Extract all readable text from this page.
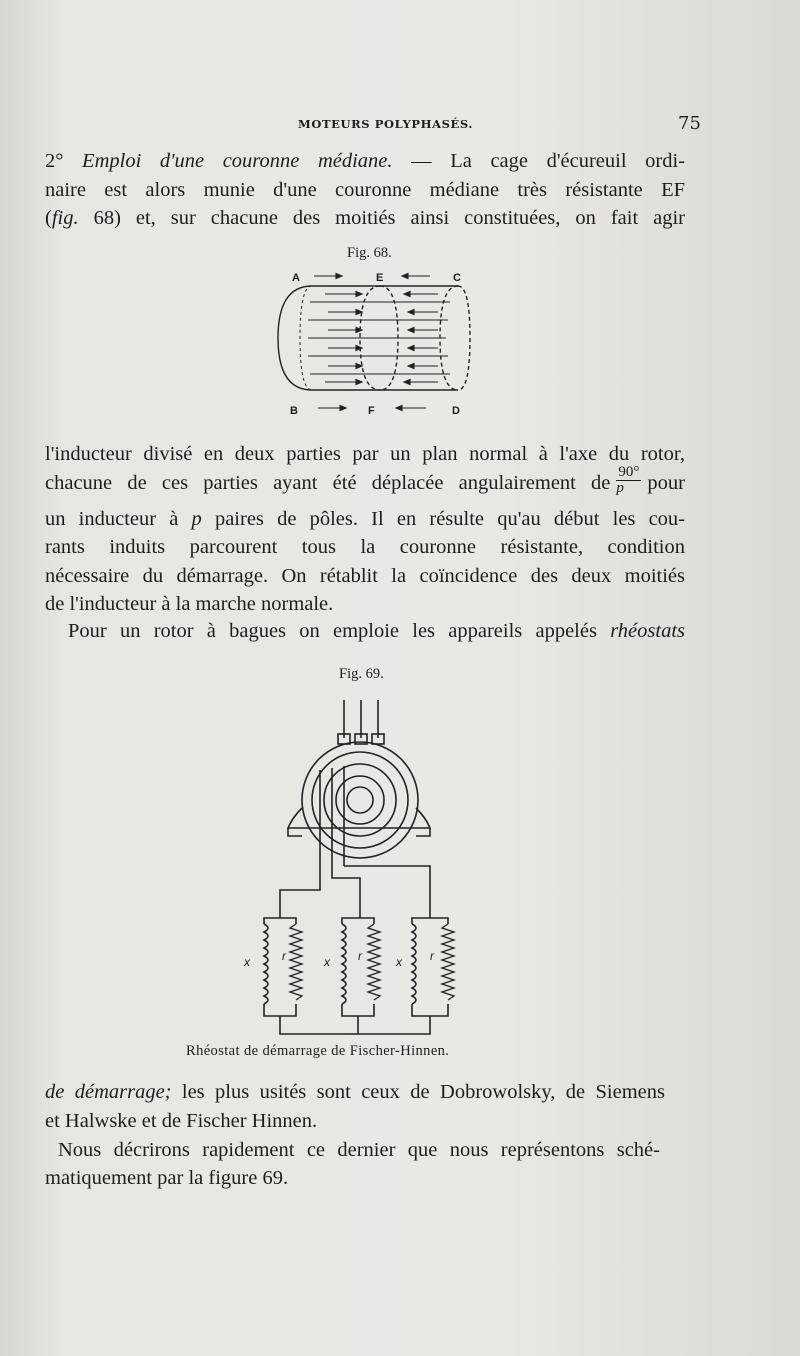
MOTEURS POLYPHASÉS.	75
2° Emploi d'une couronne médiane. — La cage d'écureuil ordi-
naire est alors munie d'une couronne médiane très résistante EF
(fig. 68) et, sur chacune des moitiés ainsi constituées, on fait agir
Fig. 68.
A	E	C
B	F	D
l'inducteur divisé en deux parties par un plan normal à l'axe du rotor,
chacune de ces parties ayant été déplacée angulairement de $\frac{90^\circ}{p}$ pour
un inducteur à p paires de pôles. Il en résulte qu'au début les cou-
rants induits parcourent tous la couronne résistante, condition
nécessaire du démarrage. On rétablit la coïncidence des deux moitiés
de l'inducteur à la marche normale.
Pour un rotor à bagues on emploie les appareils appelés rhéostats
Fig. 69.
x	r	x r	x r
Rhéostat de démarrage de Fischer-Hinnen.
de démarrage; les plus usités sont ceux de Dobrowolsky, de Siemens
et Halwske et de Fischer Hinnen.
Nous décrirons rapidement ce dernier que nous représentons sché-
matiquement par la figure 69.
